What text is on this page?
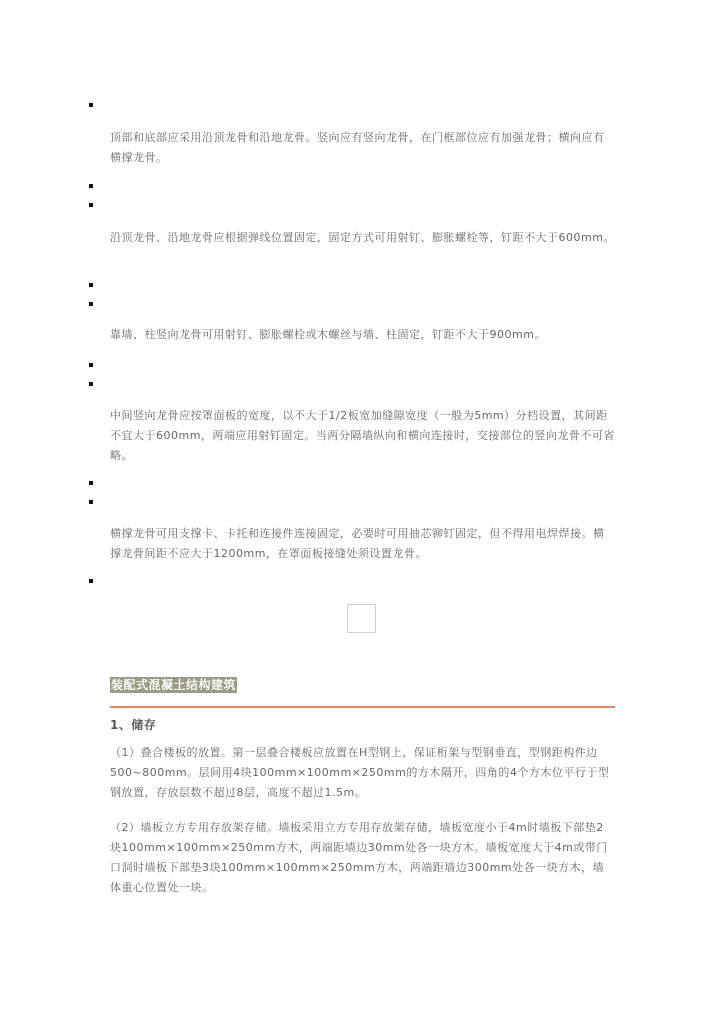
顶部和底部应采用沿顶龙骨和沿地龙骨。竖向应有竖向龙骨，在门框部位应有加强龙骨；横向应有横撑龙骨。

沿顶龙骨、沿地龙骨应根据弹线位置固定，固定方式可用射钉、膨胀螺栓等，钉距不大于600mm。

靠墙、柱竖向龙骨可用射钉、膨胀螺栓或木螺丝与墙、柱固定，钉距不大于900mm。

中间竖向龙骨应按罩面板的宽度，以不大于1/2板宽加缝隙宽度（一般为5mm）分档设置，其间距不宜大于600mm，两端应用射钉固定。当两分隔墙纵向和横向连接时，交接部位的竖向龙骨不可省略。

横撑龙骨可用支撑卡、卡托和连接件连接固定，必要时可用抽芯铆钉固定，但不得用电焊焊接。横撑龙骨间距不应大于1200mm，在罩面板接缝处须设置龙骨。

装配式混凝土结构建筑
1、储存

（1）叠合楼板的放置。第一层叠合楼板应放置在H型钢上，保证桁架与型钢垂直，型钢距构件边500~800mm。层间用4块100mm×100mm×250mm的方木隔开，四角的4个方木位平行于型钢放置，存放层数不超过8层，高度不超过1.5m。

（2）墙板立方专用存放架存储。墙板采用立方专用存放架存储，墙板宽度小于4m时墙板下部垫2块100mm×100mm×250mm方木，两端距墙边30mm处各一块方木。墙板宽度大于4m或带门口洞时墙板下部垫3块100mm×100mm×250mm方木，两端距墙边300mm处各一块方木，墙体重心位置处一块。
